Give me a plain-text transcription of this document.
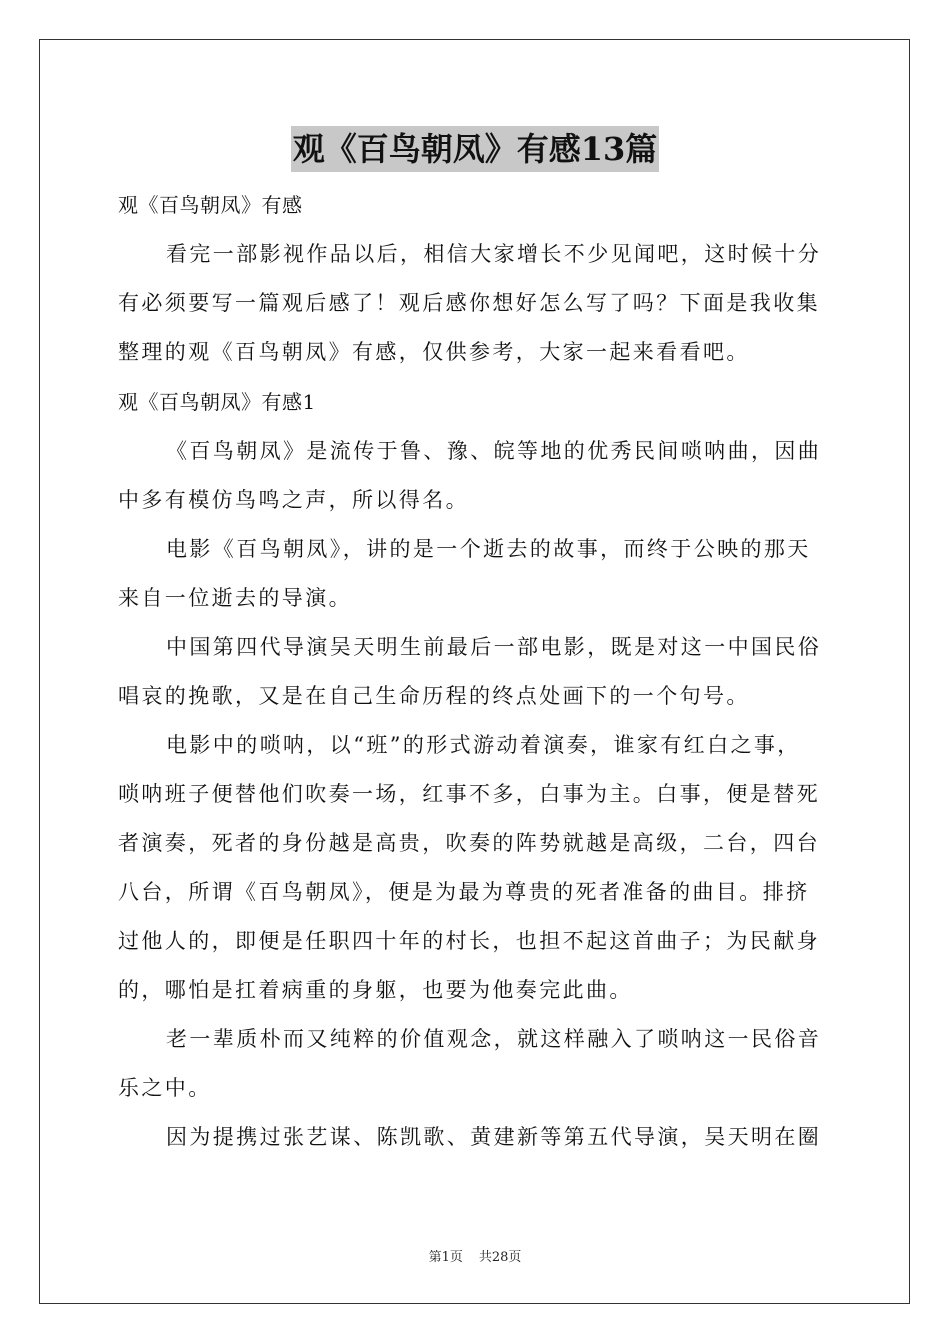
观《百鸟朝凤》有感13篇
观《百鸟朝凤》有感
看完一部影视作品以后，相信大家增长不少见闻吧，这时候十分
有必须要写一篇观后感了！观后感你想好怎么写了吗？下面是我收集
整理的观《百鸟朝凤》有感，仅供参考，大家一起来看看吧。
观《百鸟朝凤》有感1
《百鸟朝凤》是流传于鲁、豫、皖等地的优秀民间唢呐曲，因曲
中多有模仿鸟鸣之声，所以得名。
电影《百鸟朝凤》，讲的是一个逝去的故事，而终于公映的那天
来自一位逝去的导演。
中国第四代导演吴天明生前最后一部电影，既是对这一中国民俗
唱哀的挽歌，又是在自己生命历程的终点处画下的一个句号。
电影中的唢呐，以“班”的形式游动着演奏，谁家有红白之事，
唢呐班子便替他们吹奏一场，红事不多，白事为主。白事，便是替死
者演奏，死者的身份越是高贵，吹奏的阵势就越是高级，二台，四台
八台，所谓《百鸟朝凤》，便是为最为尊贵的死者准备的曲目。排挤
过他人的，即便是任职四十年的村长，也担不起这首曲子；为民献身
的，哪怕是扛着病重的身躯，也要为他奏完此曲。
老一辈质朴而又纯粹的价值观念，就这样融入了唢呐这一民俗音
乐之中。
因为提携过张艺谋、陈凯歌、黄建新等第五代导演，吴天明在圈
第1页 共28页
